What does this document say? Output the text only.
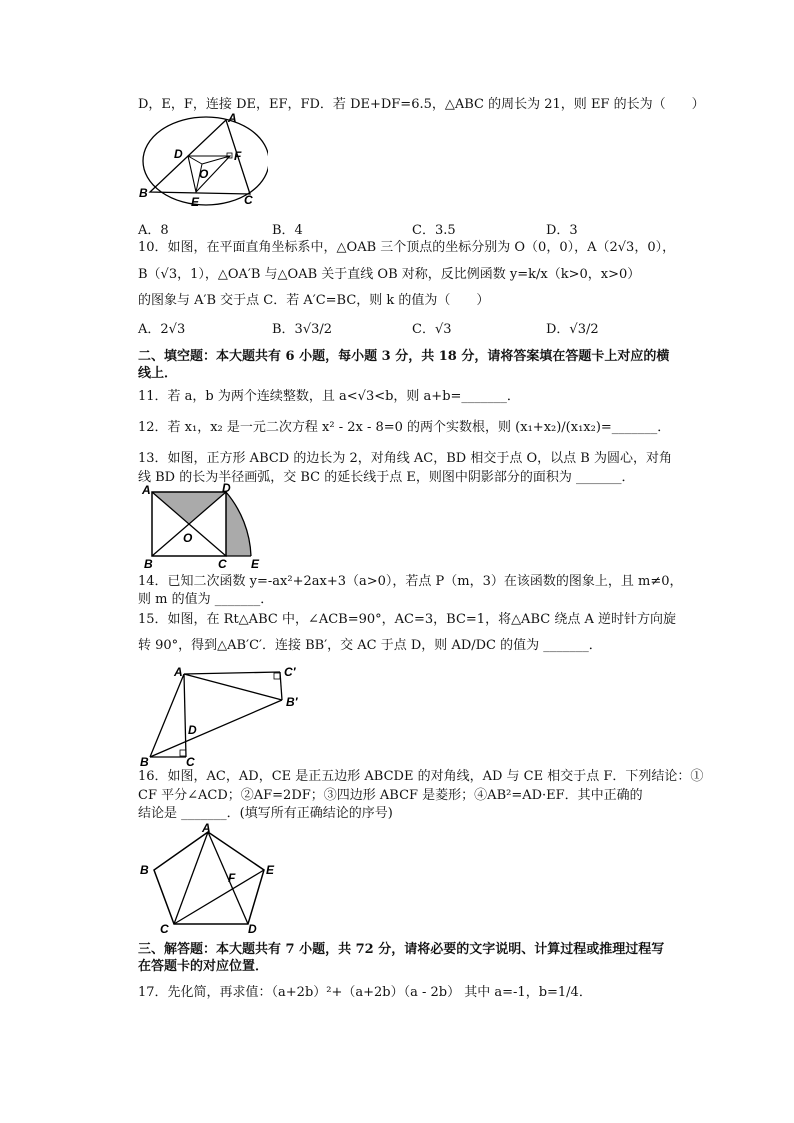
D，E，F，连接 DE，EF，FD．若 DE+DF=6.5，△ABC 的周长为 21，则 EF 的长为（　　）
A
B	C
D
E
F
O
A．8	B．4	C．3.5	D．3
10．如图，在平面直角坐标系中，△OAB 三个顶点的坐标分别为 O（0，0），A（2√3，0），
B（√3，1），△OA′B 与△OAB 关于直线 OB 对称，反比例函数 y=k/x（k>0，x>0）
的图象与 A′B 交于点 C．若 A′C=BC，则 k 的值为（　　）
A．2√3	B．3√3/2	C．√3	D．√3/2
二、填空题：本大题共有 6 小题，每小题 3 分，共 18 分，请将答案填在答题卡上对应的横
线上．
11．若 a，b 为两个连续整数，且 a<√3<b，则 a+b=_______．
12．若 x₁，x₂ 是一元二次方程 x² - 2x - 8=0 的两个实数根，则 (x₁+x₂)/(x₁x₂)=_______．
13．如图，正方形 ABCD 的边长为 2，对角线 AC，BD 相交于点 O，以点 B 为圆心，对角
线 BD 的长为半径画弧，交 BC 的延长线于点 E，则图中阴影部分的面积为 _______．
A	D
B	C E
O
14．已知二次函数 y=-ax²+2ax+3（a>0），若点 P（m，3）在该函数的图象上，且 m≠0，
则 m 的值为 _______．
15．如图，在 Rt△ABC 中，∠ACB=90°，AC=3，BC=1，将△ABC 绕点 A 逆时针方向旋
转 90°，得到△AB′C′．连接 BB′，交 AC 于点 D，则 AD/DC 的值为 _______．
A	C′
B′
D
B	C
16．如图，AC，AD，CE 是正五边形 ABCDE 的对角线，AD 与 CE 相交于点 F．下列结论：①
CF 平分∠ACD；②AF=2DF；③四边形 ABCF 是菱形；④AB²=AD·EF．其中正确的
结论是 _______．(填写所有正确结论的序号)
A
B	E
F
C	D
三、解答题：本大题共有 7 小题，共 72 分，请将必要的文字说明、计算过程或推理过程写
在答题卡的对应位置．
17．先化简，再求值：（a+2b）²+（a+2b）（a - 2b） 其中 a=-1，b=1/4．
